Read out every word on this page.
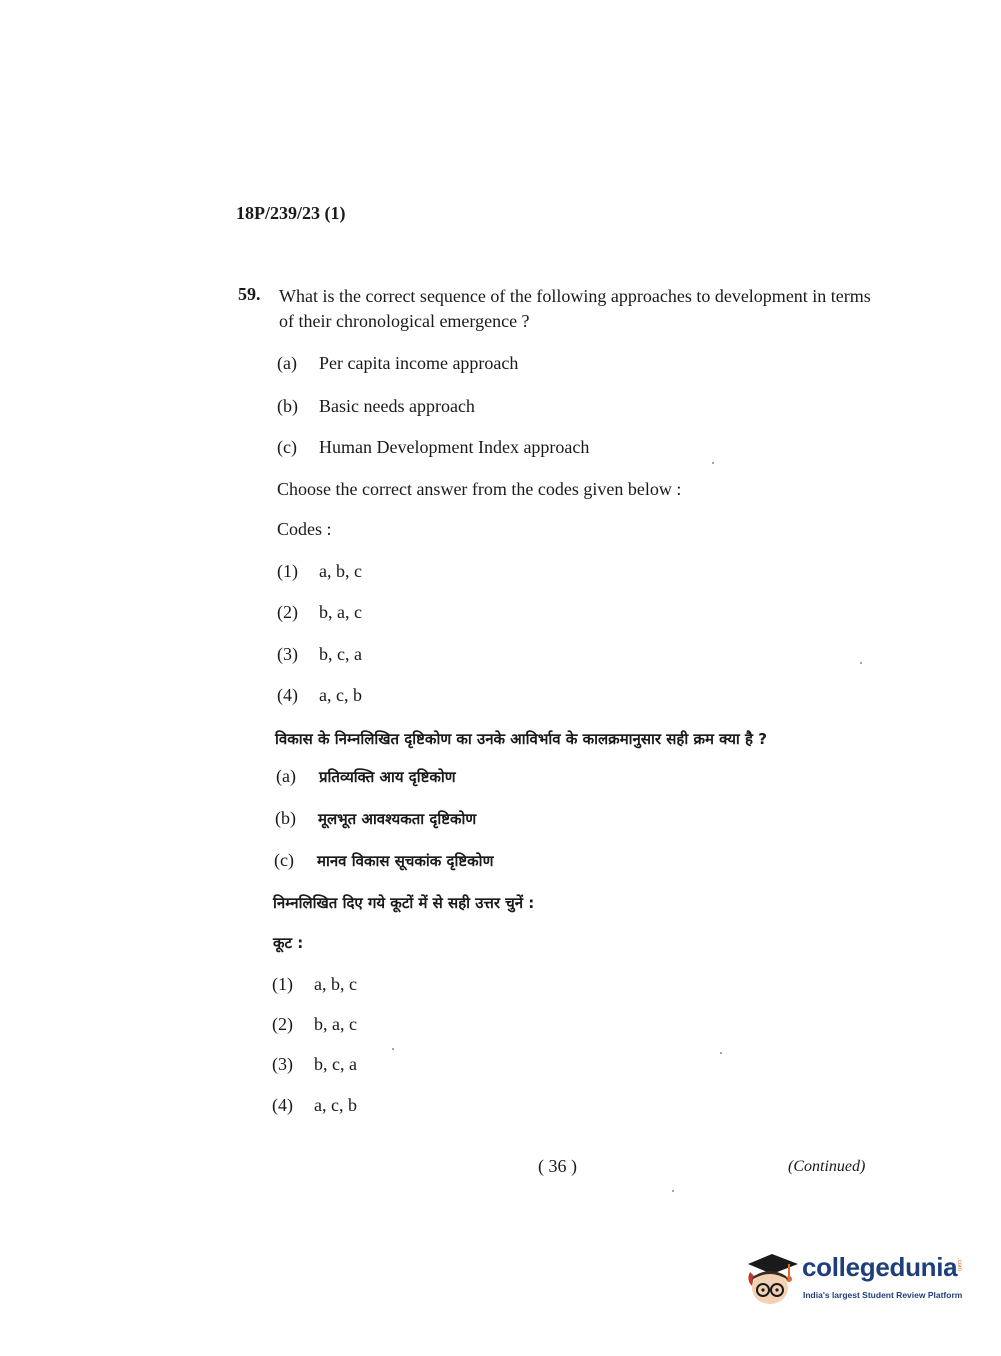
18P/239/23 (1)
59. What is the correct sequence of the following approaches to development in terms of their chronological emergence ?
(a) Per capita income approach
(b) Basic needs approach
(c) Human Development Index approach
Choose the correct answer from the codes given below :
Codes :
(1) a, b, c
(2) b, a, c
(3) b, c, a
(4) a, c, b
विकास के निम्नलिखित दृष्टिकोण का उनके आविर्भाव के कालक्रमानुसार सही क्रम क्या है ?
(a) प्रतिव्यक्ति आय दृष्टिकोण
(b) मूलभूत आवश्यकता दृष्टिकोण
(c) मानव विकास सूचकांक दृष्टिकोण
निम्नलिखित दिए गये कूटों में से सही उत्तर चुनें :
कूट :
(1) a, b, c
(2) b, a, c
(3) b, c, a
(4) a, c, b
( 36 )	(Continued)
collegedunia
.com
India's largest Student Review Platform
